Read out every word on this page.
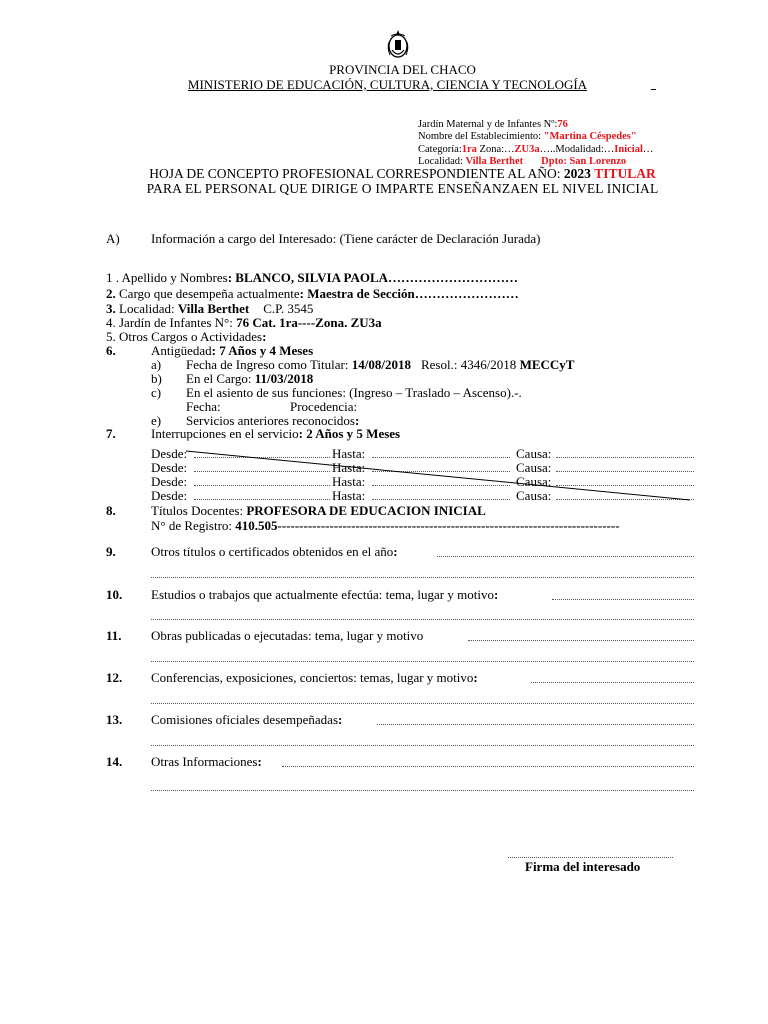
PROVINCIA DEL CHACO
MINISTERIO DE EDUCACIÓN, CULTURA, CIENCIA Y TECNOLOGÍA
Jardín Maternal y de Infantes Nº:76
Nombre del Establecimiento: "Martina Céspedes"
Categoría:1ra Zona:…ZU3a…..Modalidad:…Inicial…
Localidad: Villa Berthet Dpto: San Lorenzo
HOJA DE CONCEPTO PROFESIONAL CORRESPONDIENTE AL AÑO: 2023 TITULAR
PARA EL PERSONAL QUE DIRIGE O IMPARTE ENSEÑANZAEN EL NIVEL INICIAL
A) Información a cargo del Interesado: (Tiene carácter de Declaración Jurada)
1 . Apellido y Nombres: BLANCO, SILVIA PAOLA…………………………
2. Cargo que desempeña actualmente: Maestra de Sección……………………
3. Localidad: Villa Berthet C.P. 3545
4. Jardín de Infantes N°: 76 Cat. 1ra----Zona. ZU3a
5. Otros Cargos o Actividades:
6.	Antigüedad: 7 Años y 4 Meses
a) Fecha de Ingreso como Titular: 14/08/2018 Resol.: 4346/2018 MECCyT
b) En el Cargo: 11/03/2018
c) En el asiento de sus funciones: (Ingreso – Traslado – Ascenso).-.
Fecha:	Procedencia:
e) Servicios anteriores reconocidos:
7.	Interrupciones en el servicio: 2 Años y 5 Meses
Desde:	Hasta:	Causa:
Desde:	Hasta:	Causa:
Desde:	Hasta:	Causa:
Desde:	Hasta:	Causa:
8.	Títulos Docentes: PROFESORA DE EDUCACION INICIAL
N° de Registro: 410.505-------------------------------------------------------------------------------
9.	Otros títulos o certificados obtenidos en el año:
10. Estudios o trabajos que actualmente efectúa: tema, lugar y motivo:
11. Obras publicadas o ejecutadas: tema, lugar y motivo
12. Conferencias, exposiciones, conciertos: temas, lugar y motivo:
13. Comisiones oficiales desempeñadas:
14. Otras Informaciones:
Firma del interesado
